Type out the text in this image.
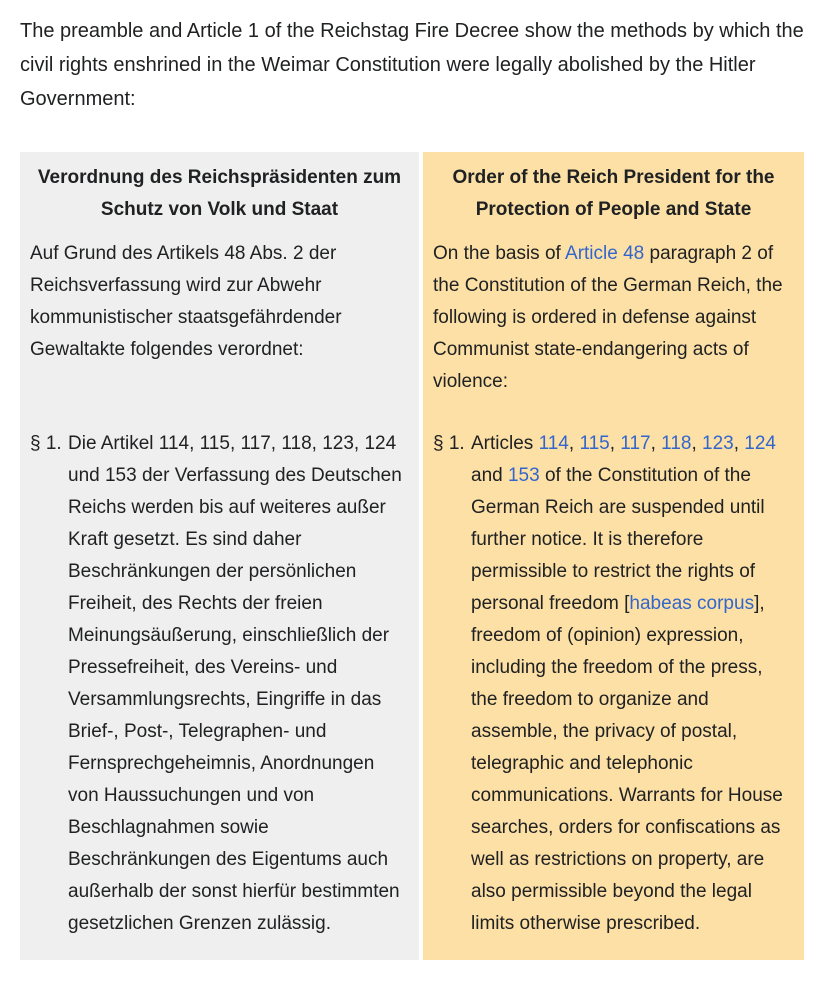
The preamble and Article 1 of the Reichstag Fire Decree show the methods by which the civil rights enshrined in the Weimar Constitution were legally abolished by the Hitler Government:

Verordnung des Reichspräsidenten zum Schutz von Volk und Staat
Order of the Reich President for the Protection of People and State
Auf Grund des Artikels 48 Abs. 2 der Reichsverfassung wird zur Abwehr kommunistischer staatsgefährdender Gewaltakte folgendes verordnet:
On the basis of Article 48 paragraph 2 of the Constitution of the German Reich, the following is ordered in defense against Communist state-endangering acts of violence:
§ 1. Die Artikel 114, 115, 117, 118, 123, 124 und 153 der Verfassung des Deutschen Reichs werden bis auf weiteres außer Kraft gesetzt. Es sind daher Beschränkungen der persönlichen Freiheit, des Rechts der freien Meinungsäußerung, einschließlich der Pressefreiheit, des Vereins- und Versammlungsrechts, Eingriffe in das Brief-, Post-, Telegraphen- und Fernsprechgeheimnis, Anordnungen von Haussuchungen und von Beschlagnahmen sowie Beschränkungen des Eigentums auch außerhalb der sonst hierfür bestimmten gesetzlichen Grenzen zulässig.
§ 1. Articles 114, 115, 117, 118, 123, 124 and 153 of the Constitution of the German Reich are suspended until further notice. It is therefore permissible to restrict the rights of personal freedom [habeas corpus], freedom of (opinion) expression, including the freedom of the press, the freedom to organize and assemble, the privacy of postal, telegraphic and telephonic communications. Warrants for House searches, orders for confiscations as well as restrictions on property, are also permissible beyond the legal limits otherwise prescribed.
